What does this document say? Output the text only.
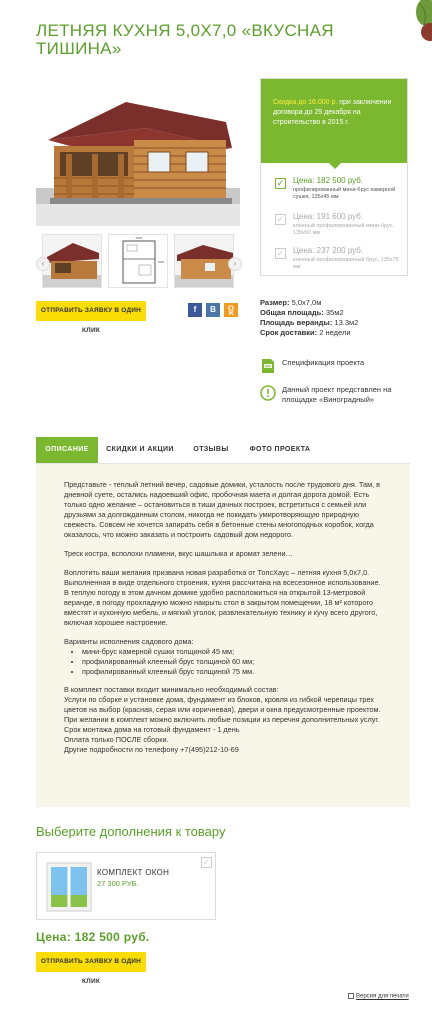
ЛЕТНЯЯ КУХНЯ 5,0Х7,0 «ВКУСНАЯ ТИШИНА»
5000
7000
‹	›
ОТПРАВИТЬ ЗАЯВКУ В ОДИН КЛИК
f	B
Скидка до 16.000 р. при заключении договора до 25 декабря на строительство в 2015 г.
✓ Цена: 182 500 руб.
профилированный мини-брус камерной сушки, 135х45 мм
✓ Цена: 191 600 руб.
клееный профилированный мини-брус, 135х60 мм
✓ Цена: 237 200 руб.
клееный профилированный брус, 135х75 мм
Размер: 5,0х7,0м
Общая площадь: 35м2
Площадь веранды: 13.3м2
Срок доставки: 2 недели
PDF Спецификация проекта
Данный проект представлен на площадке «Виноградный»
ОПИСАНИЕ	СКИДКИ И АКЦИИ	ОТЗЫВЫ	ФОТО ПРОЕКТА

Представьте - теплый летний вечер, садовые домики, усталость после трудового дня. Там, в дневной суете, остались надоевший офис, пробочная маета и долгая дорога домой. Есть только одно желание – остановиться в тиши дачных построек, встретиться с семьей или друзьями за долгожданным столом, никогда не покидать умиротворяющую природную свежесть. Совсем не хочется запирать себя в бетонные стены многоподных коробок, когда оказалось, что можно заказать и построить садовый дом недорого.

Треск костра, всполохи пламени, вкус шашлыка и аромат зелени…

Воплотить ваши желания призвана новая разработка от ТопсХаус – летняя кухня 5,0х7,0. Выполненная в виде отдельного строения, кухня рассчитана на всесезонное использование. В теплую погоду в этом дачном домике удобно расположиться на открытой 13-метровой веранде, в погоду прохладную можно накрыть стол в закрытом помещении, 18 м² которого вместят и кухонную мебель, и мягкий уголок, развлекательную технику и кучу всего другого, включая хорошее настроение.

Варианты исполнения садового дома:
• мини-брус камерной сушки толщиной 45 мм;
• профилированный клееный брус толщиной 60 мм;
• профилированный клееный брус толщиной 75 мм.
В комплект поставки входит минимально необходимый состав:
Услуги по сборке и установке дома, фундамент из блоков, кровля из гибкой черепицы трех цветов на выбор (красная, серая или коричневая), двери и окна предусмотренные проектом.
При желании в комплект можно включить любые позиции из перечня дополнительных услуг.
Срок монтажа дома на готовый фундамент - 1 день
Оплата только ПОСЛЕ сборки.
Другие подробности по телефону +7(495)212-10-69
Выберите дополнения к товару
КОМПЛЕКТ ОКОН
27 300 РУБ.
✓
Цена: 182 500 руб.
ОТПРАВИТЬ ЗАЯВКУ В ОДИН КЛИК
Версия для печати
